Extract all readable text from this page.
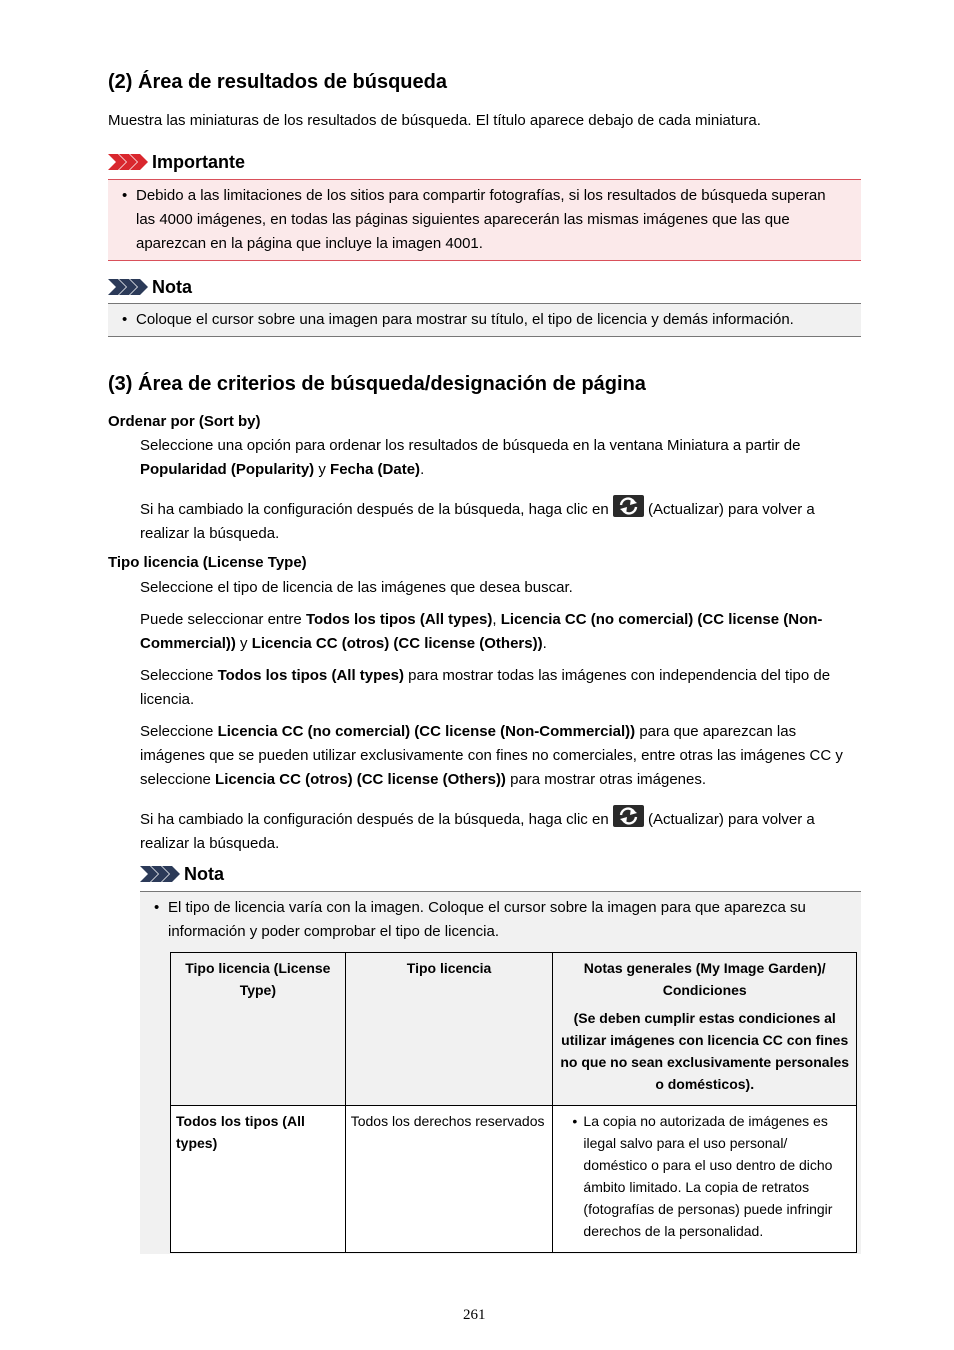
(2) Área de resultados de búsqueda

Muestra las miniaturas de los resultados de búsqueda. El título aparece debajo de cada miniatura.

Importante
• Debido a las limitaciones de los sitios para compartir fotografías, si los resultados de búsqueda superan las 4000 imágenes, en todas las páginas siguientes aparecerán las mismas imágenes que las que aparezcan en la página que incluye la imagen 4001.
Nota
• Coloque el cursor sobre una imagen para mostrar su título, el tipo de licencia y demás información.
(3) Área de criterios de búsqueda/designación de página
Ordenar por (Sort by)

Seleccione una opción para ordenar los resultados de búsqueda en la ventana Miniatura a partir de Popularidad (Popularity) y Fecha (Date).

Si ha cambiado la configuración después de la búsqueda, haga clic en
(Actualizar) para volver a realizar la búsqueda.

Tipo licencia (License Type)

Seleccione el tipo de licencia de las imágenes que desea buscar.

Puede seleccionar entre Todos los tipos (All types), Licencia CC (no comercial) (CC license (Non-Commercial)) y Licencia CC (otros) (CC license (Others)).

Seleccione Todos los tipos (All types) para mostrar todas las imágenes con independencia del tipo de licencia.

Seleccione Licencia CC (no comercial) (CC license (Non-Commercial)) para que aparezcan las imágenes que se pueden utilizar exclusivamente con fines no comerciales, entre otras las imágenes CC y seleccione Licencia CC (otros) (CC license (Others)) para mostrar otras imágenes.

Si ha cambiado la configuración después de la búsqueda, haga clic en
(Actualizar) para volver a realizar la búsqueda.

Nota
• El tipo de licencia varía con la imagen. Coloque el cursor sobre la imagen para que aparezca su información y poder comprobar el tipo de licencia.
Tipo licencia (License Type)	Tipo licencia	Notas generales (My Image Garden)/ Condiciones
(Se deben cumplir estas condiciones al utilizar imágenes con licencia CC con fines no que no sean exclusivamente personales o domésticos).

Todos los tipos (All types)	Todos los derechos reservados	• La copia no autorizada de imágenes es ilegal salvo para el uso personal/ doméstico o para el uso dentro de dicho ámbito limitado. La copia de retratos (fotografías de personas) puede infringir derechos de la personalidad.
261
